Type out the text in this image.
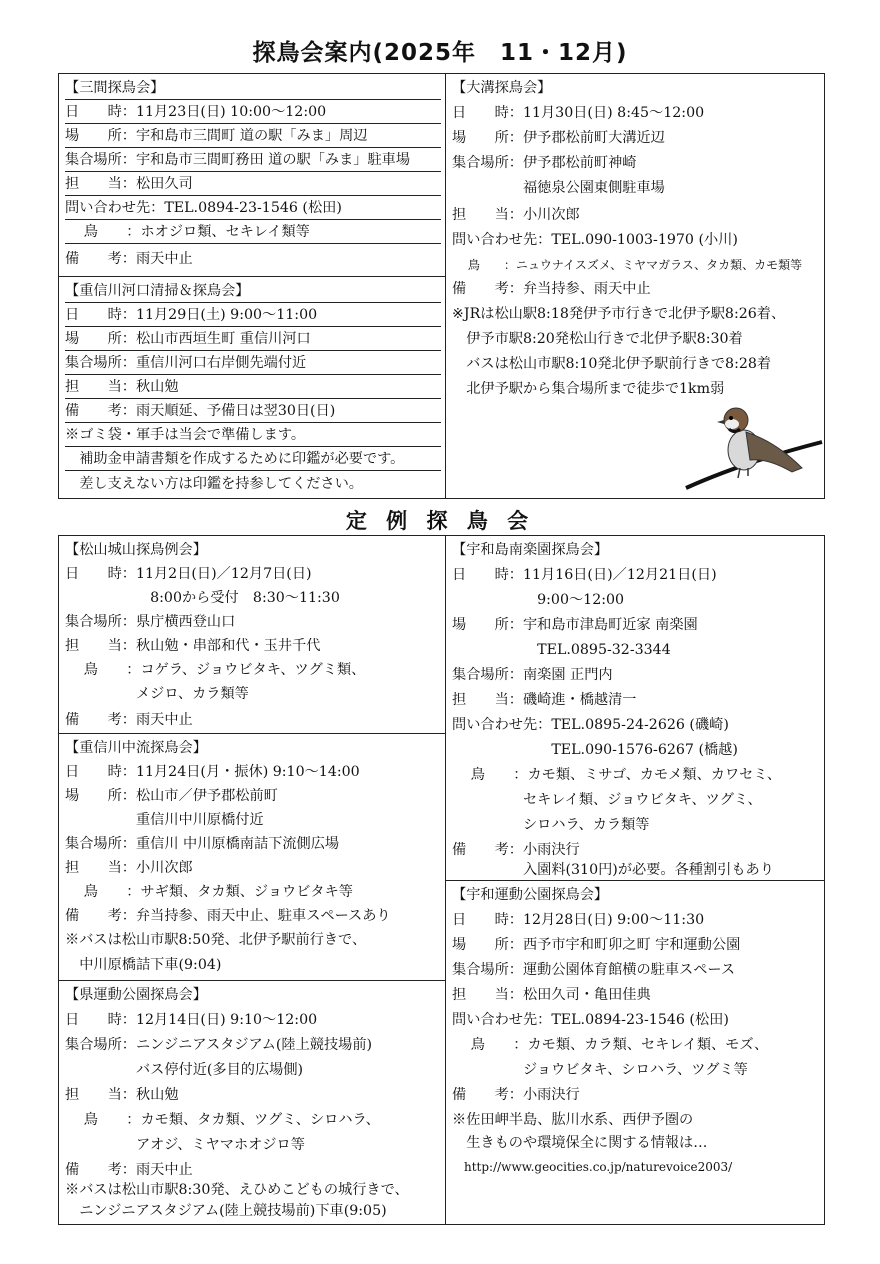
探鳥会案内(2025年　11・12月)
【三間探鳥会】
日　　時：11月23日(日) 10:00～12:00
場　　所：宇和島市三間町 道の駅「みま」周辺
集合場所：宇和島市三間町務田 道の駅「みま」駐車場
担　　当：松田久司
問い合わせ先：TEL.0894-23-1546 (松田)
　 鳥　　：ホオジロ類、セキレイ類等
備　　考：雨天中止
【重信川河口清掃＆探鳥会】
日　　時：11月29日(土) 9:00～11:00
場　　所：松山市西垣生町 重信川河口
集合場所：重信川河口右岸側先端付近
担　　当：秋山勉
備　　考：雨天順延、予備日は翌30日(日)
※ゴミ袋・軍手は当会で準備します。
　補助金申請書類を作成するために印鑑が必要です。
　差し支えない方は印鑑を持参してください。
【大溝探鳥会】
日　　時：11月30日(日) 8:45～12:00
場　　所：伊予郡松前町大溝近辺
集合場所：伊予郡松前町神崎
　　　　　福徳泉公園東側駐車場
担　　当：小川次郎
問い合わせ先：TEL.090-1003-1970 (小川)
　 鳥　　：ニュウナイスズメ、ミヤマガラス、タカ類、カモ類等
備　　考：弁当持参、雨天中止
※JRは松山駅8:18発伊予市行きで北伊予駅8:26着、
　伊予市駅8:20発松山行きで北伊予駅8:30着
　バスは松山市駅8:10発北伊予駅前行きで8:28着
　北伊予駅から集合場所まで徒歩で1km弱
定 例 探 鳥 会
【松山城山探鳥例会】
日　　時：11月2日(日)／12月7日(日)
　　　　　　8:00から受付　8:30～11:30
集合場所：県庁横西登山口
担　　当：秋山勉・串部和代・玉井千代
　 鳥　　：コゲラ、ジョウビタキ、ツグミ類、
　　　　　メジロ、カラ類等
備　　考：雨天中止
【重信川中流探鳥会】
日　　時：11月24日(月・振休) 9:10～14:00
場　　所：松山市／伊予郡松前町
　　　　　重信川中川原橋付近
集合場所：重信川 中川原橋南詰下流側広場
担　　当：小川次郎
　 鳥　　：サギ類、タカ類、ジョウビタキ等
備　　考：弁当持参、雨天中止、駐車スペースあり
※バスは松山市駅8:50発、北伊予駅前行きで、
　中川原橋詰下車(9:04)
【県運動公園探鳥会】
日　　時：12月14日(日) 9:10～12:00
集合場所：ニンジニアスタジアム(陸上競技場前)
　　　　　バス停付近(多目的広場側)
担　　当：秋山勉
　 鳥　　：カモ類、タカ類、ツグミ、シロハラ、
　　　　　アオジ、ミヤマホオジロ等
備　　考：雨天中止
※バスは松山市駅8:30発、えひめこどもの城行きで、
　ニンジニアスタジアム(陸上競技場前)下車(9:05)
【宇和島南楽園探鳥会】
日　　時：11月16日(日)／12月21日(日)
　　　　　　9:00～12:00
場　　所：宇和島市津島町近家 南楽園
　　　　　　TEL.0895-32-3344
集合場所：南楽園 正門内
担　　当：磯崎進・橋越清一
問い合わせ先：TEL.0895-24-2626 (磯崎)
　　　　　　　TEL.090-1576-6267 (橋越)
　 鳥　　：カモ類、ミサゴ、カモメ類、カワセミ、
　　　　　セキレイ類、ジョウビタキ、ツグミ、
　　　　　シロハラ、カラ類等
備　　考：小雨決行
　　　　　入園料(310円)が必要。各種割引もあり
【宇和運動公園探鳥会】
日　　時：12月28日(日) 9:00～11:30
場　　所：西予市宇和町卯之町 宇和運動公園
集合場所：運動公園体育館横の駐車スペース
担　　当：松田久司・亀田佳典
問い合わせ先：TEL.0894-23-1546 (松田)
　 鳥　　：カモ類、カラ類、セキレイ類、モズ、
　　　　　ジョウビタキ、シロハラ、ツグミ等
備　　考：小雨決行
※佐田岬半島、肱川水系、西伊予圏の
　生きものや環境保全に関する情報は…
　http://www.geocities.co.jp/naturevoice2003/
